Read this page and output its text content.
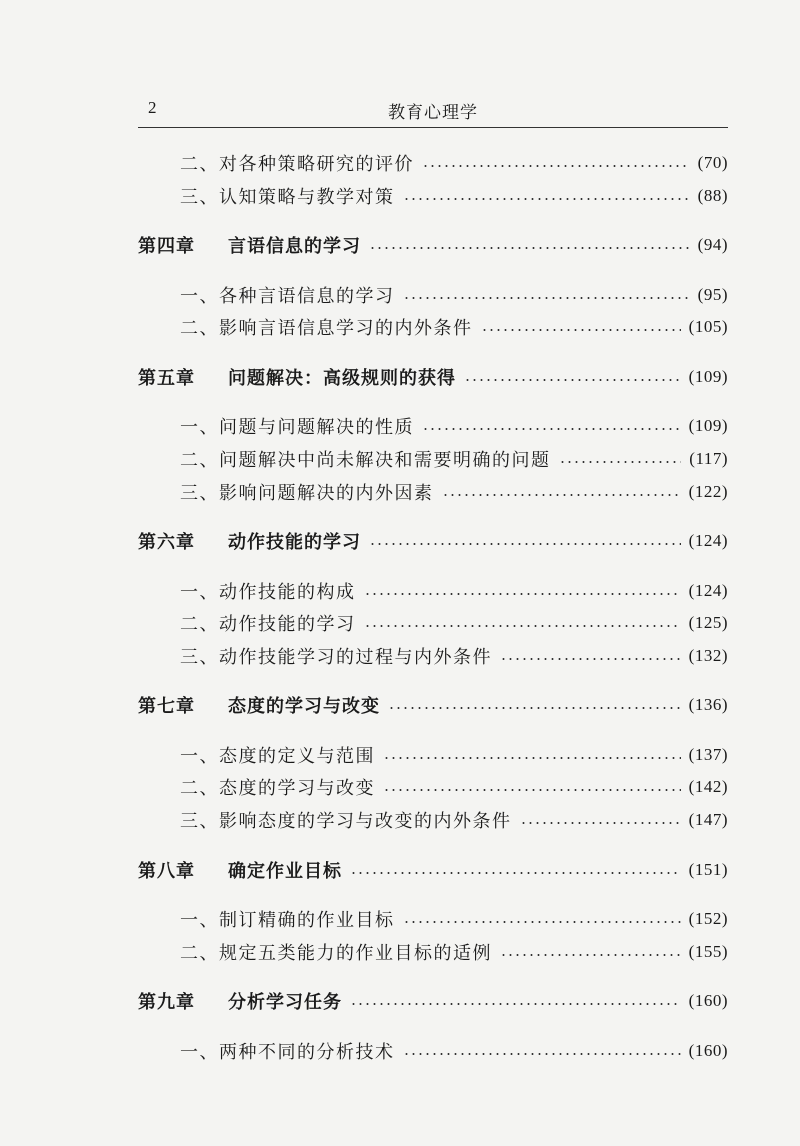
2	教育心理学
二、对各种策略研究的评价	(70)
三、认知策略与教学对策	(88)
第四章	言语信息的学习	(94)
一、各种言语信息的学习	(95)
二、影响言语信息学习的内外条件	(105)
第五章	问题解决：高级规则的获得	(109)
一、问题与问题解决的性质	(109)
二、问题解决中尚未解决和需要明确的问题	(117)
三、影响问题解决的内外因素	(122)
第六章	动作技能的学习	(124)
一、动作技能的构成	(124)
二、动作技能的学习	(125)
三、动作技能学习的过程与内外条件	(132)
第七章	态度的学习与改变	(136)
一、态度的定义与范围	(137)
二、态度的学习与改变	(142)
三、影响态度的学习与改变的内外条件	(147)
第八章	确定作业目标	(151)
一、制订精确的作业目标	(152)
二、规定五类能力的作业目标的适例	(155)
第九章	分析学习任务	(160)
一、两种不同的分析技术	(160)
